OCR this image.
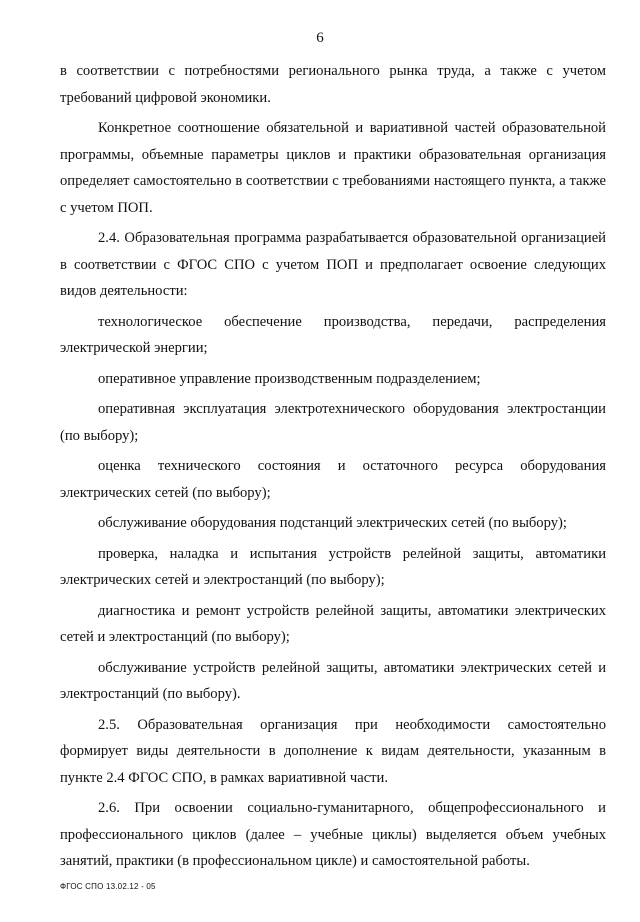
6

в соответствии с потребностями регионального рынка труда, а также с учетом требований цифровой экономики.

Конкретное соотношение обязательной и вариативной частей образовательной программы, объемные параметры циклов и практики образовательная организация определяет самостоятельно в соответствии с требованиями настоящего пункта, а также с учетом ПОП.

2.4. Образовательная программа разрабатывается образовательной организацией в соответствии с ФГОС СПО с учетом ПОП и предполагает освоение следующих видов деятельности:

технологическое обеспечение производства, передачи, распределения электрической энергии;

оперативное управление производственным подразделением;

оперативная эксплуатация электротехнического оборудования электростанции (по выбору);

оценка технического состояния и остаточного ресурса оборудования электрических сетей (по выбору);

обслуживание оборудования подстанций электрических сетей (по выбору);

проверка, наладка и испытания устройств релейной защиты, автоматики электрических сетей и электростанций (по выбору);

диагностика и ремонт устройств релейной защиты, автоматики электрических сетей и электростанций (по выбору);

обслуживание устройств релейной защиты, автоматики электрических сетей и электростанций (по выбору).

2.5. Образовательная организация при необходимости самостоятельно формирует виды деятельности в дополнение к видам деятельности, указанным в пункте 2.4 ФГОС СПО, в рамках вариативной части.

2.6. При освоении социально-гуманитарного, общепрофессионального и профессионального циклов (далее – учебные циклы) выделяется объем учебных занятий, практики (в профессиональном цикле) и самостоятельной работы.

ФГОС СПО 13.02.12 - 05
